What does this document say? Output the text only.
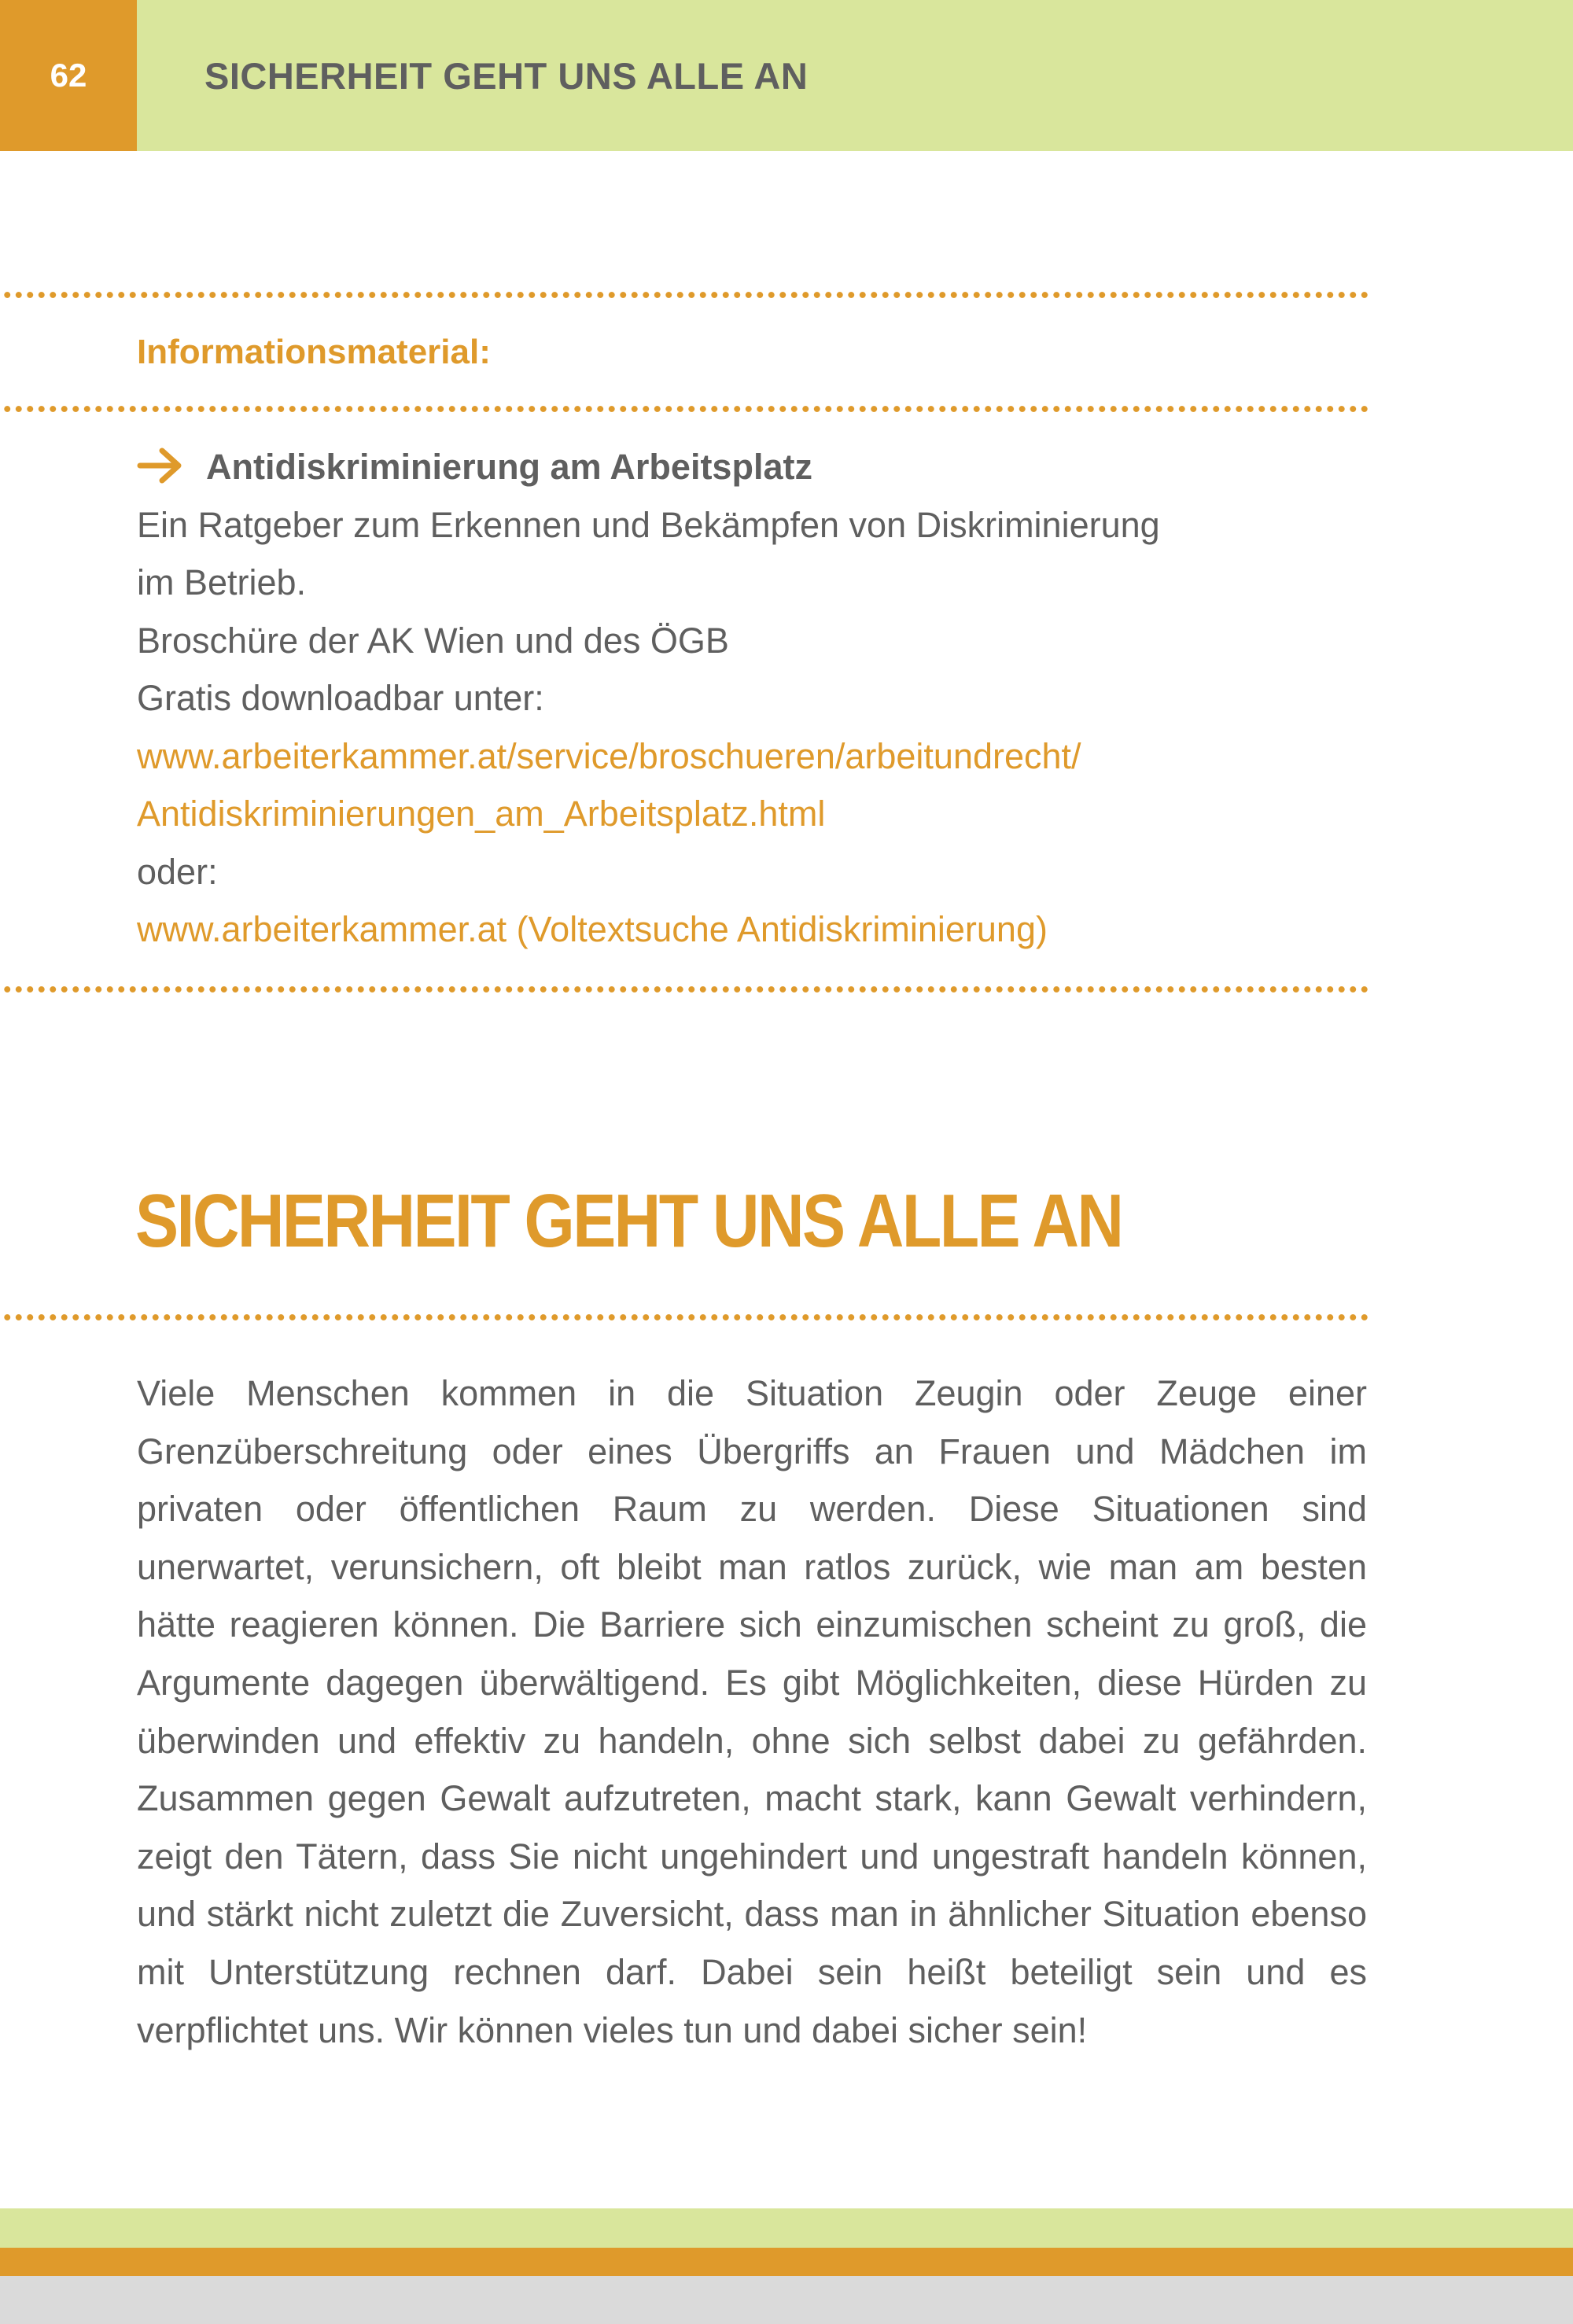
62	SICHERHEIT GEHT UNS ALLE AN
Informationsmaterial:
Antidiskriminierung am Arbeitsplatz
Ein Ratgeber zum Erkennen und Bekämpfen von Diskriminierung
im Betrieb.
Broschüre der AK Wien und des ÖGB
Gratis downloadbar unter:
www.arbeiterkammer.at/service/broschueren/arbeitundrecht/
Antidiskriminierungen_am_Arbeitsplatz.html
oder:
www.arbeiterkammer.at (Voltextsuche Antidiskriminierung)
SICHERHEIT GEHT UNS ALLE AN

Viele Menschen kommen in die Situation Zeugin oder Zeuge einer Grenzüberschreitung oder eines Übergriffs an Frauen und Mädchen im privaten oder öffentlichen Raum zu werden. Diese Situationen sind unerwartet, verunsichern, oft bleibt man ratlos zurück, wie man am besten hätte reagieren können. Die Barriere sich einzumischen scheint zu groß, die Argumente dagegen überwältigend. Es gibt Möglichkeiten, diese Hürden zu überwinden und effektiv zu handeln, ohne sich selbst dabei zu gefährden. Zusammen gegen Gewalt aufzutreten, macht stark, kann Gewalt verhindern, zeigt den Tätern, dass Sie nicht ungehindert und ungestraft handeln können, und stärkt nicht zuletzt die Zuversicht, dass man in ähnlicher Situation ebenso mit Unterstützung rechnen darf. Dabei sein heißt beteiligt sein und es verpflichtet uns. Wir können vieles tun und dabei sicher sein!
